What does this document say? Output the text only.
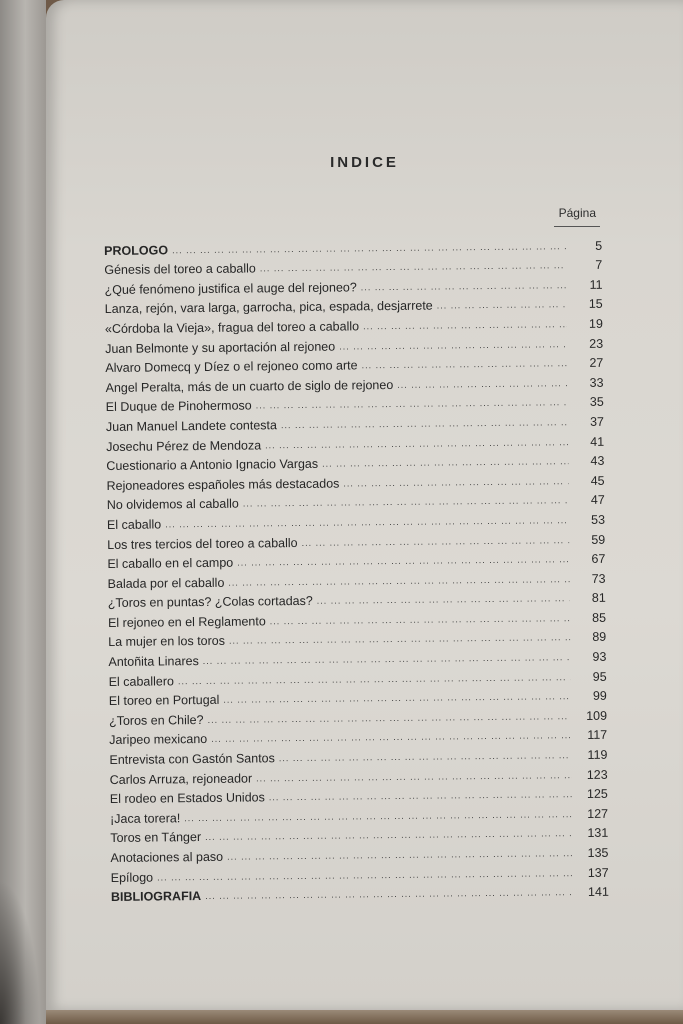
INDICE
Página
PROLOGO ... .	5
Génesis del toreo a caballo ... .	7
¿Qué fenómeno justifica el auge del rejoneo? ... .	11
Lanza, rejón, vara larga, garrocha, pica, espada, desjarrete ... .	15
«Córdoba la Vieja», fragua del toreo a caballo ... .	19
Juan Belmonte y su aportación al rejoneo ... .	23
Alvaro Domecq y Díez o el rejoneo como arte ... .	27
Angel Peralta, más de un cuarto de siglo de rejoneo ... .	33
El Duque de Pinohermoso ... .	35
Juan Manuel Landete contesta ... .	37
Josechu Pérez de Mendoza ... .	41
Cuestionario a Antonio Ignacio Vargas ... .	43
Rejoneadores españoles más destacados ... .	45
No olvidemos al caballo ... .	47
El caballo ... .	53
Los tres tercios del toreo a caballo ... .	59
El caballo en el campo ... .	67
Balada por el caballo ... .	73
¿Toros en puntas? ¿Colas cortadas? ... .	81
El rejoneo en el Reglamento ... .	85
La mujer en los toros ... .	89
Antoñita Linares ... .	93
El caballero ... .	95
El toreo en Portugal ... .	99
¿Toros en Chile? ... .	109
Jaripeo mexicano ... .	117
Entrevista con Gastón Santos ... .	119
Carlos Arruza, rejoneador ... .	123
El rodeo en Estados Unidos ... .	125
¡Jaca torera! ... .	127
Toros en Tánger ... .	131
Anotaciones al paso ... .	135
Epílogo ... .	137
BIBLIOGRAFIA ... .	141
